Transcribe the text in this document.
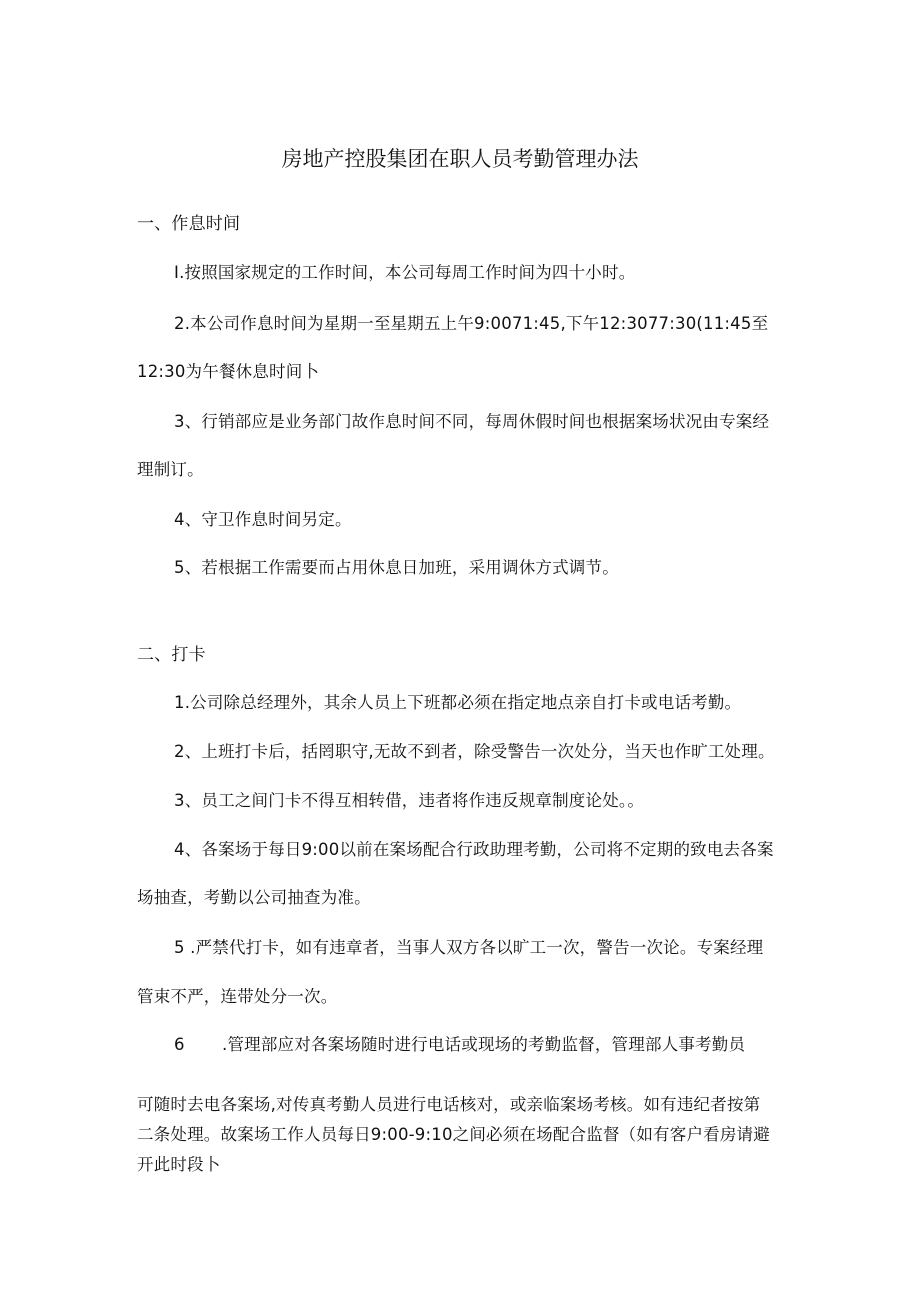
房地产控股集团在职人员考勤管理办法
一、作息时间
I.按照国家规定的工作时间，本公司每周工作时间为四十小时。
2.本公司作息时间为星期一至星期五上午9:0071:45,下午12:3077:30(11:45至
12:30为午餐休息时间卜
3、行销部应是业务部门故作息时间不同，每周休假时间也根据案场状况由专案经
理制订。
4、守卫作息时间另定。
5、若根据工作需要而占用休息日加班，采用调休方式调节。
二、打卡
1.公司除总经理外，其余人员上下班都必须在指定地点亲自打卡或电话考勤。
2、上班打卡后，括罔职守,无故不到者，除受警告一次处分，当天也作旷工处理。
3、员工之间门卡不得互相转借，违者将作违反规章制度论处。。
4、各案场于每日9:00以前在案场配合行政助理考勤，公司将不定期的致电去各案
场抽查，考勤以公司抽查为准。
5 .严禁代打卡，如有违章者，当事人双方各以旷工一次，警告一次论。专案经理
管束不严，连带处分一次。
6 .管理部应对各案场随时进行电话或现场的考勤监督，管理部人事考勤员
可随时去电各案场,对传真考勤人员进行电话核对，或亲临案场考核。如有违纪者按第
二条处理。故案场工作人员每日9:00-9:10之间必须在场配合监督（如有客户看房请避
开此时段卜
